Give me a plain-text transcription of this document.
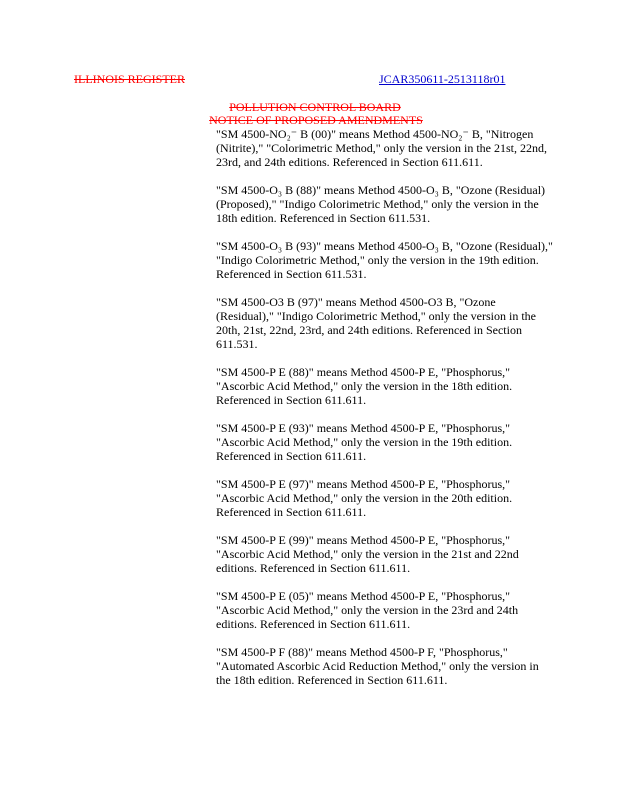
ILLINOIS REGISTER	JCAR350611-2513118r01
POLLUTION CONTROL BOARD
NOTICE OF PROPOSED AMENDMENTS

"SM 4500-NO₂⁻ B (00)" means Method 4500-NO₂⁻ B, "Nitrogen (Nitrite)," "Colorimetric Method," only the version in the 21st, 22nd, 23rd, and 24th editions. Referenced in Section 611.611.

"SM 4500-O₃ B (88)" means Method 4500-O₃ B, "Ozone (Residual) (Proposed)," "Indigo Colorimetric Method," only the version in the 18th edition. Referenced in Section 611.531.

"SM 4500-O₃ B (93)" means Method 4500-O₃ B, "Ozone (Residual)," "Indigo Colorimetric Method," only the version in the 19th edition. Referenced in Section 611.531.

"SM 4500-O3 B (97)" means Method 4500-O3 B, "Ozone (Residual)," "Indigo Colorimetric Method," only the version in the 20th, 21st, 22nd, 23rd, and 24th editions. Referenced in Section 611.531.

"SM 4500-P E (88)" means Method 4500-P E, "Phosphorus," "Ascorbic Acid Method," only the version in the 18th edition. Referenced in Section 611.611.

"SM 4500-P E (93)" means Method 4500-P E, "Phosphorus," "Ascorbic Acid Method," only the version in the 19th edition. Referenced in Section 611.611.

"SM 4500-P E (97)" means Method 4500-P E, "Phosphorus," "Ascorbic Acid Method," only the version in the 20th edition. Referenced in Section 611.611.

"SM 4500-P E (99)" means Method 4500-P E, "Phosphorus," "Ascorbic Acid Method," only the version in the 21st and 22nd editions. Referenced in Section 611.611.

"SM 4500-P E (05)" means Method 4500-P E, "Phosphorus," "Ascorbic Acid Method," only the version in the 23rd and 24th editions. Referenced in Section 611.611.

"SM 4500-P F (88)" means Method 4500-P F, "Phosphorus," "Automated Ascorbic Acid Reduction Method," only the version in the 18th edition. Referenced in Section 611.611.
